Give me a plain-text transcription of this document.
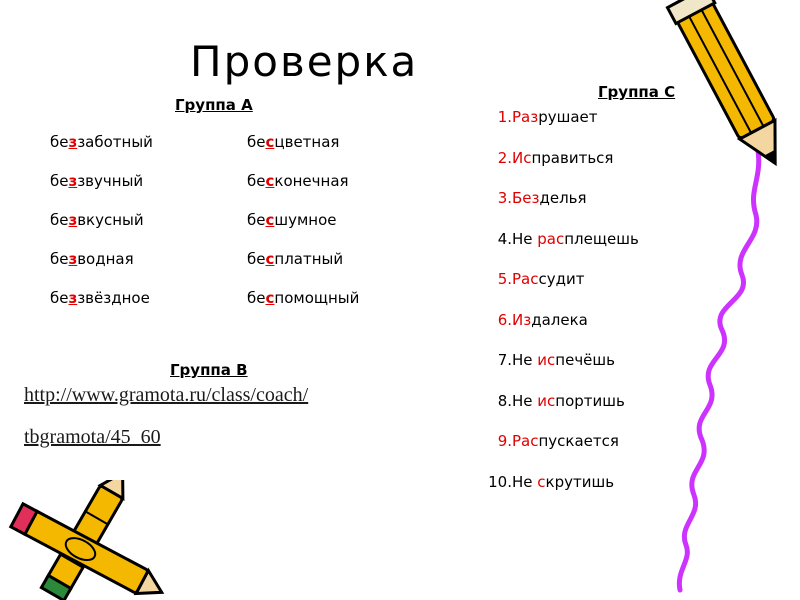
Проверка
Группа А
беззаботный
беззвучный
безвкусный
безводная
беззвёздное
бесцветная
бесконечная
бесшумное
бесплатный
беспомощный
Группа В
http://www.gramota.ru/class/coach/
tbgramota/45_60
Группа С
1.Разрушает
2.Исправиться
3.Безделья
4.Не расплещешь
5.Рассудит
6.Издалека
7.Не испечёшь
8.Не испортишь
9.Распускается
10.Не скрутишь
